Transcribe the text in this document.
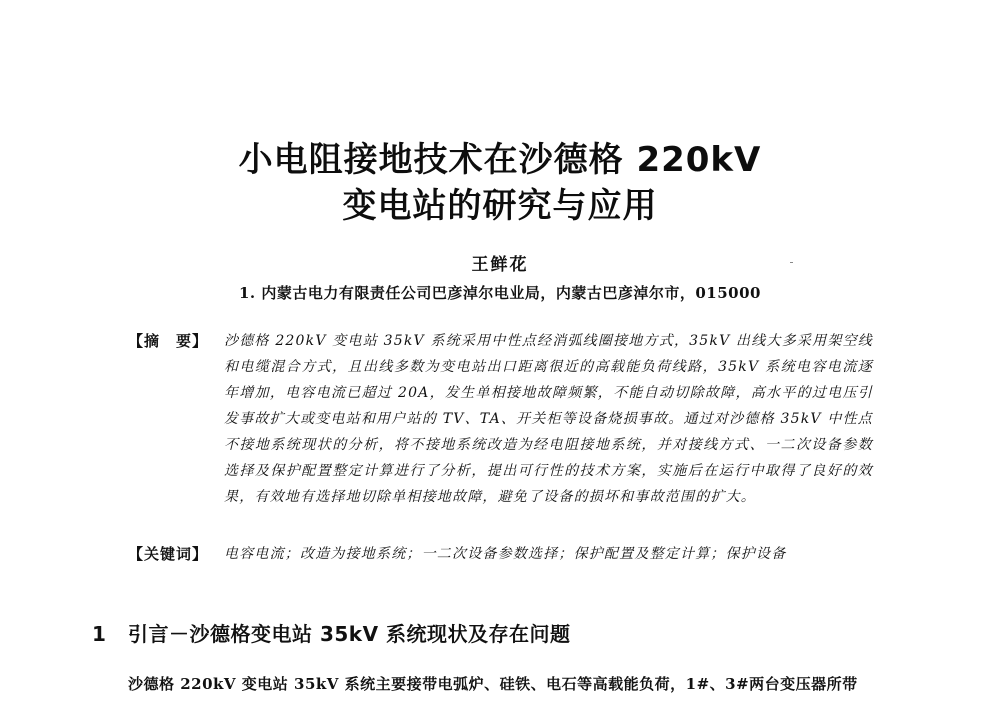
小电阻接地技术在沙德格 220kV
变电站的研究与应用
王鲜花
1. 内蒙古电力有限责任公司巴彦淖尔电业局，内蒙古巴彦淖尔市，015000
【摘　要】	沙德格 220kV 变电站 35kV 系统采用中性点经消弧线圈接地方式，35kV 出线大多采用架空线和电缆混合方式，且出线多数为变电站出口距离很近的高载能负荷线路，35kV 系统电容电流逐年增加，电容电流已超过 20A，发生单相接地故障频繁，不能自动切除故障，高水平的过电压引发事故扩大或变电站和用户站的 TV、TA、开关柜等设备烧损事故。通过对沙德格 35kV 中性点不接地系统现状的分析，将不接地系统改造为经电阻接地系统，并对接线方式、一二次设备参数选择及保护配置整定计算进行了分析，提出可行性的技术方案，实施后在运行中取得了良好的效果，有效地有选择地切除单相接地故障，避免了设备的损坏和事故范围的扩大。
【关键词】	电容电流；改造为接地系统；一二次设备参数选择；保护配置及整定计算；保护设备
1 引言－沙德格变电站 35kV 系统现状及存在问题
沙德格 220kV 变电站 35kV 系统主要接带电弧炉、硅铁、电石等高载能负荷，1#、3#两台变压器所带
